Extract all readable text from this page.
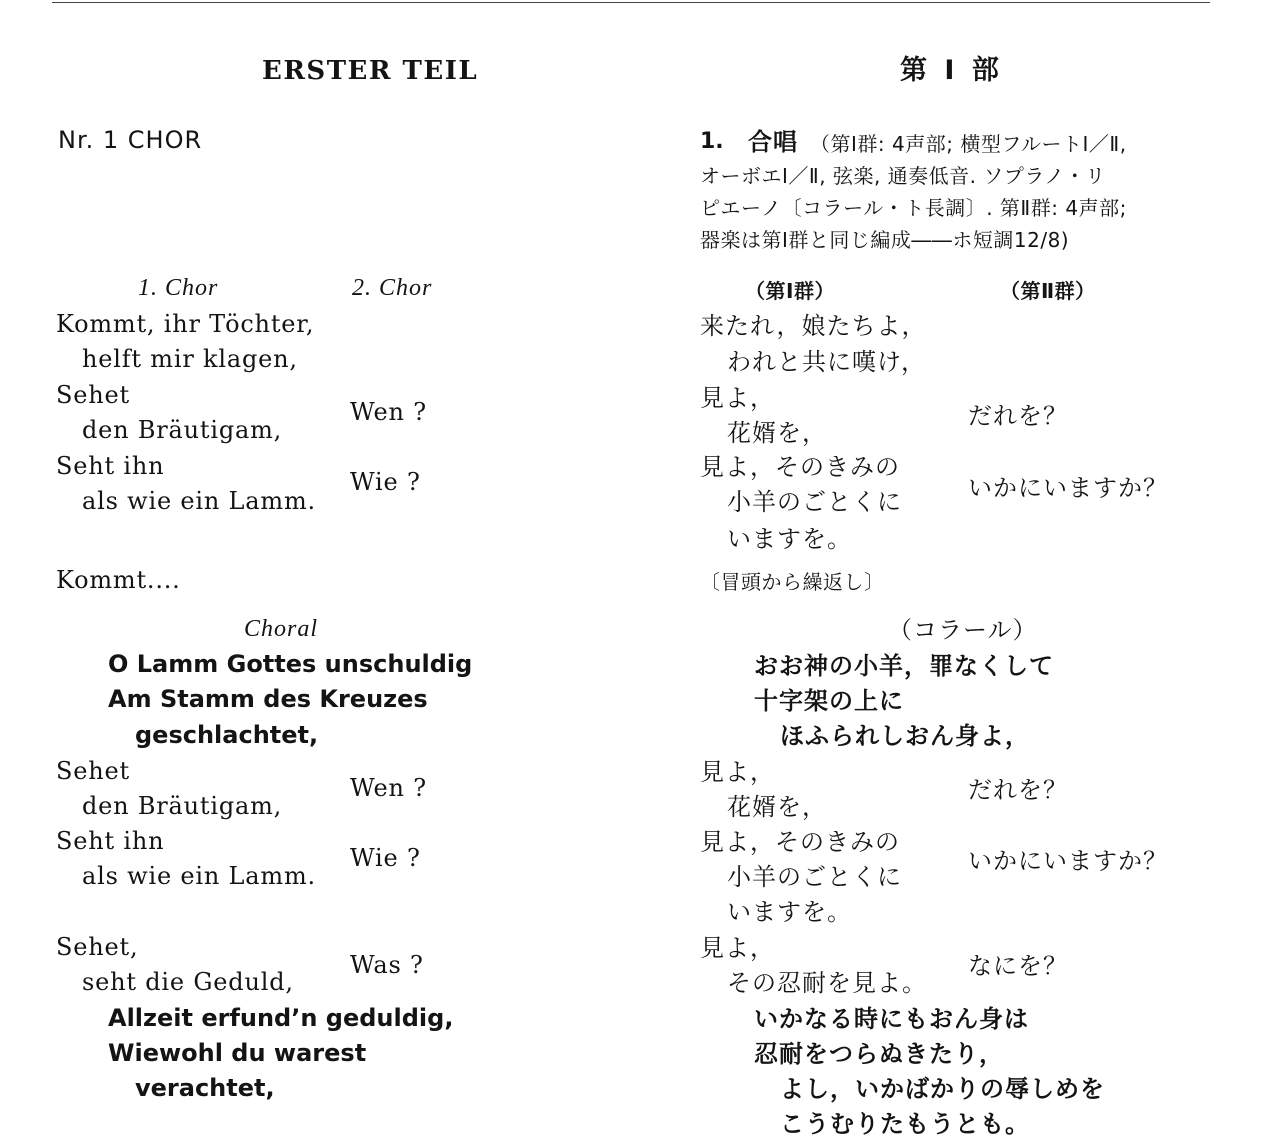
ERSTER TEIL
Nr. 1 CHOR
1. Chor	2. Chor
Kommt, ihr Töchter,
helft mir klagen,
Sehet
den Bräutigam,
Seht ihn
als wie ein Lamm.
Wen ?
Wie ?
Kommt....
Choral
O Lamm Gottes unschuldig
Am Stamm des Kreuzes
geschlachtet,
Sehet
den Bräutigam,
Seht ihn
als wie ein Lamm.
Wen ?
Wie ?
Sehet,
seht die Geduld,
Was ?
Allzeit erfund’n geduldig,
Wiewohl du warest
verachtet,
第 I 部
1. 合唱 （第Ⅰ群: 4声部; 横型フルートⅠ／Ⅱ,
オーボエⅠ／Ⅱ, 弦楽, 通奏低音. ソプラノ・リ
ピエーノ〔コラール・ト長調〕. 第Ⅱ群: 4声部;
器楽は第Ⅰ群と同じ編成――ホ短調12/8)
（第Ⅰ群）	（第Ⅱ群）
来たれ，娘たちよ，
われと共に嘆け，
見よ，
花婿を，
見よ，そのきみの
小羊のごとくに
いますを。
だれを？
いかにいますか？
〔冒頭から繰返し〕
（コラール）
おお神の小羊，罪なくして
十字架の上に
ほふられしおん身よ，
見よ，
花婿を，
見よ，そのきみの
小羊のごとくに
いますを。
だれを？
いかにいますか？
見よ，
その忍耐を見よ。
なにを？
いかなる時にもおん身は
忍耐をつらぬきたり，
よし，いかばかりの辱しめを
こうむりたもうとも。
